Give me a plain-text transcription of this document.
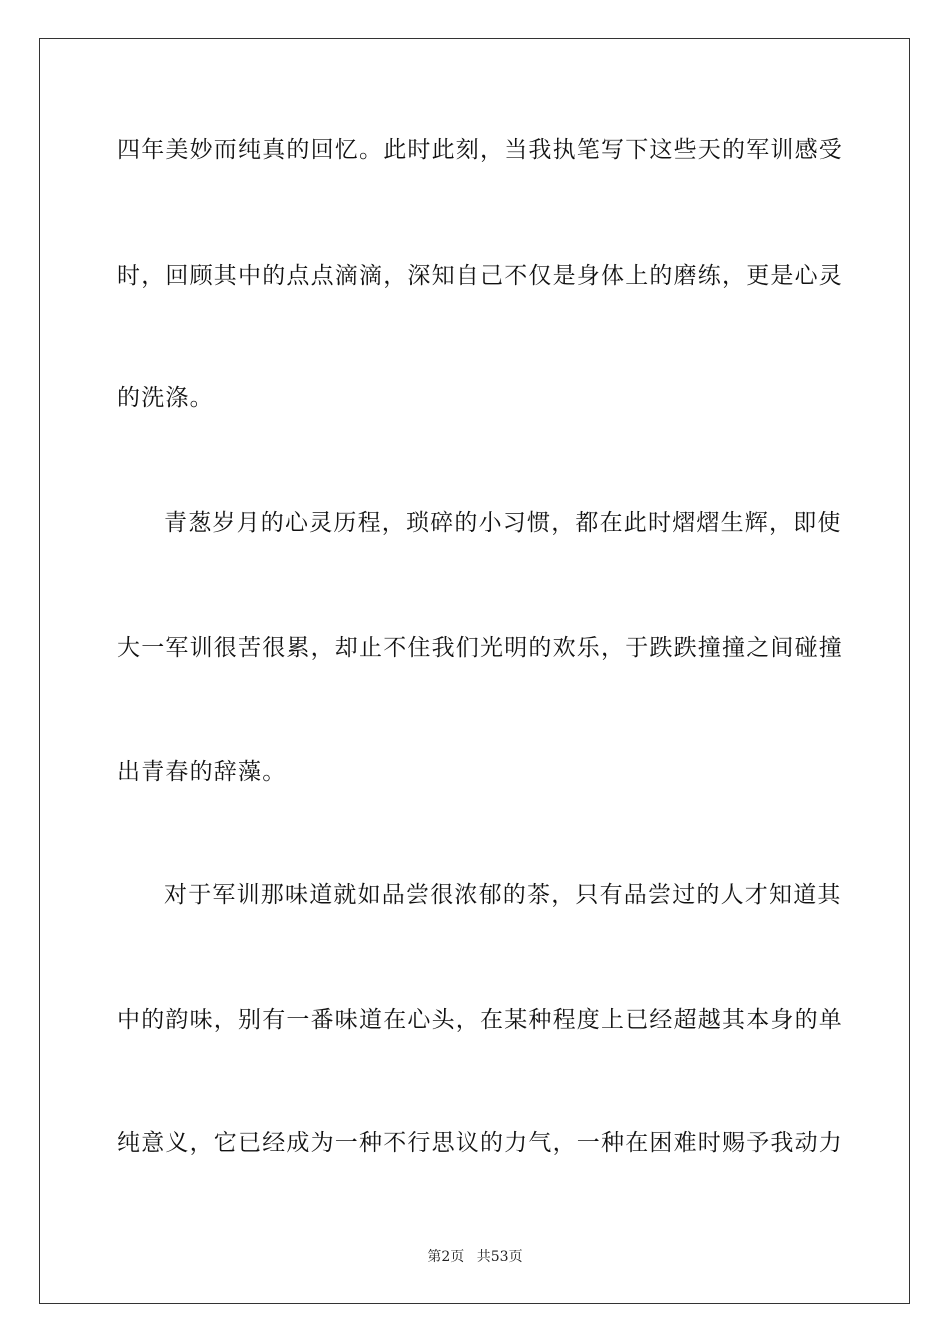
四年美妙而纯真的回忆。此时此刻，当我执笔写下这些天的军训感受
时，回顾其中的点点滴滴，深知自己不仅是身体上的磨练，更是心灵
的洗涤。
青葱岁月的心灵历程，琐碎的小习惯，都在此时熠熠生辉，即使
大一军训很苦很累，却止不住我们光明的欢乐，于跌跌撞撞之间碰撞
出青春的辞藻。
对于军训那味道就如品尝很浓郁的茶，只有品尝过的人才知道其
中的韵味，别有一番味道在心头，在某种程度上已经超越其本身的单
纯意义，它已经成为一种不行思议的力气，一种在困难时赐予我动力
第2页 共53页
